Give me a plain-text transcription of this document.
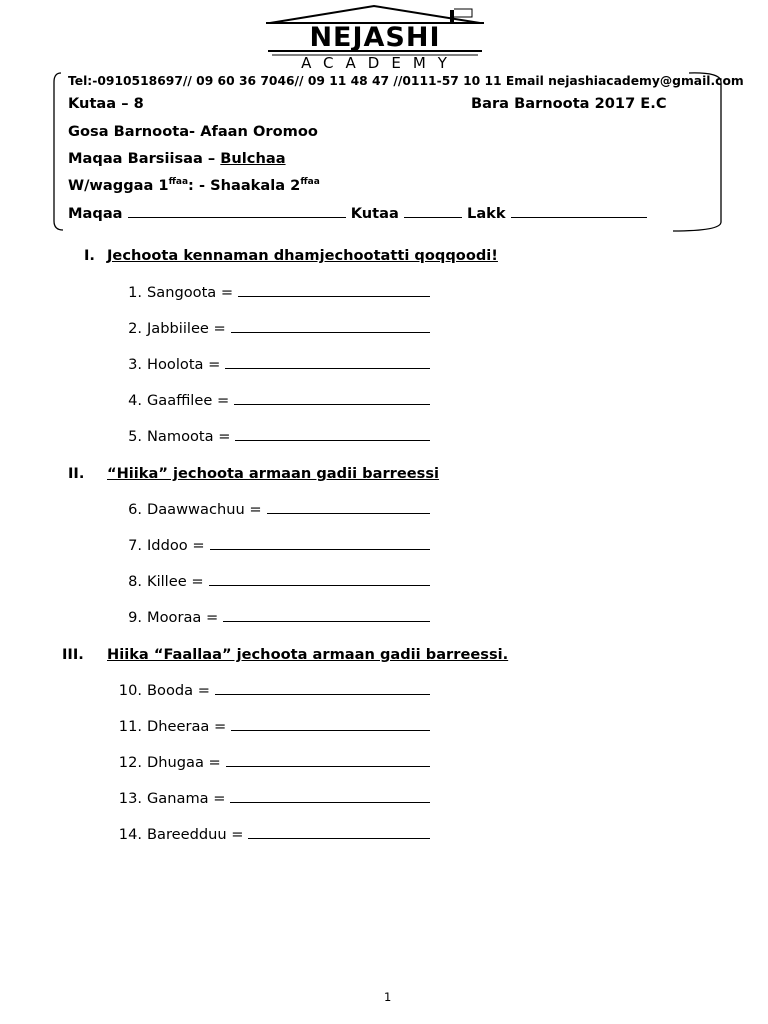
NEJASHI
ACADEMY
Tel:-0910518697// 09 60 36 7046// 09 11 48 47 //0111-57 10 11 Email nejashiacademy@gmail.com
Kutaa – 8	Bara Barnoota 2017 E.C
Gosa Barnoota- Afaan Oromoo
Maqaa Barsiisaa – Bulchaa
W/waggaa $1^{ffaa}$: - Shaakala $2^{ffaa}$
Maqaa	Kutaa	Lakk
I. Jechoota kennaman dhamjechootatti qoqqoodi!
1. Sangoota =
2. Jabbiilee =
3. Hoolota =
4. Gaaffilee =
5. Namoota =
II. “Hiika” jechoota armaan gadii barreessi
6. Daawwachuu =
7. Iddoo =
8. Killee =
9. Mooraa =
III. Hiika “Faallaa” jechoota armaan gadii barreessi.
10. Booda =
11. Dheeraa =
12. Dhugaa =
13. Ganama =
14. Bareedduu =
1
